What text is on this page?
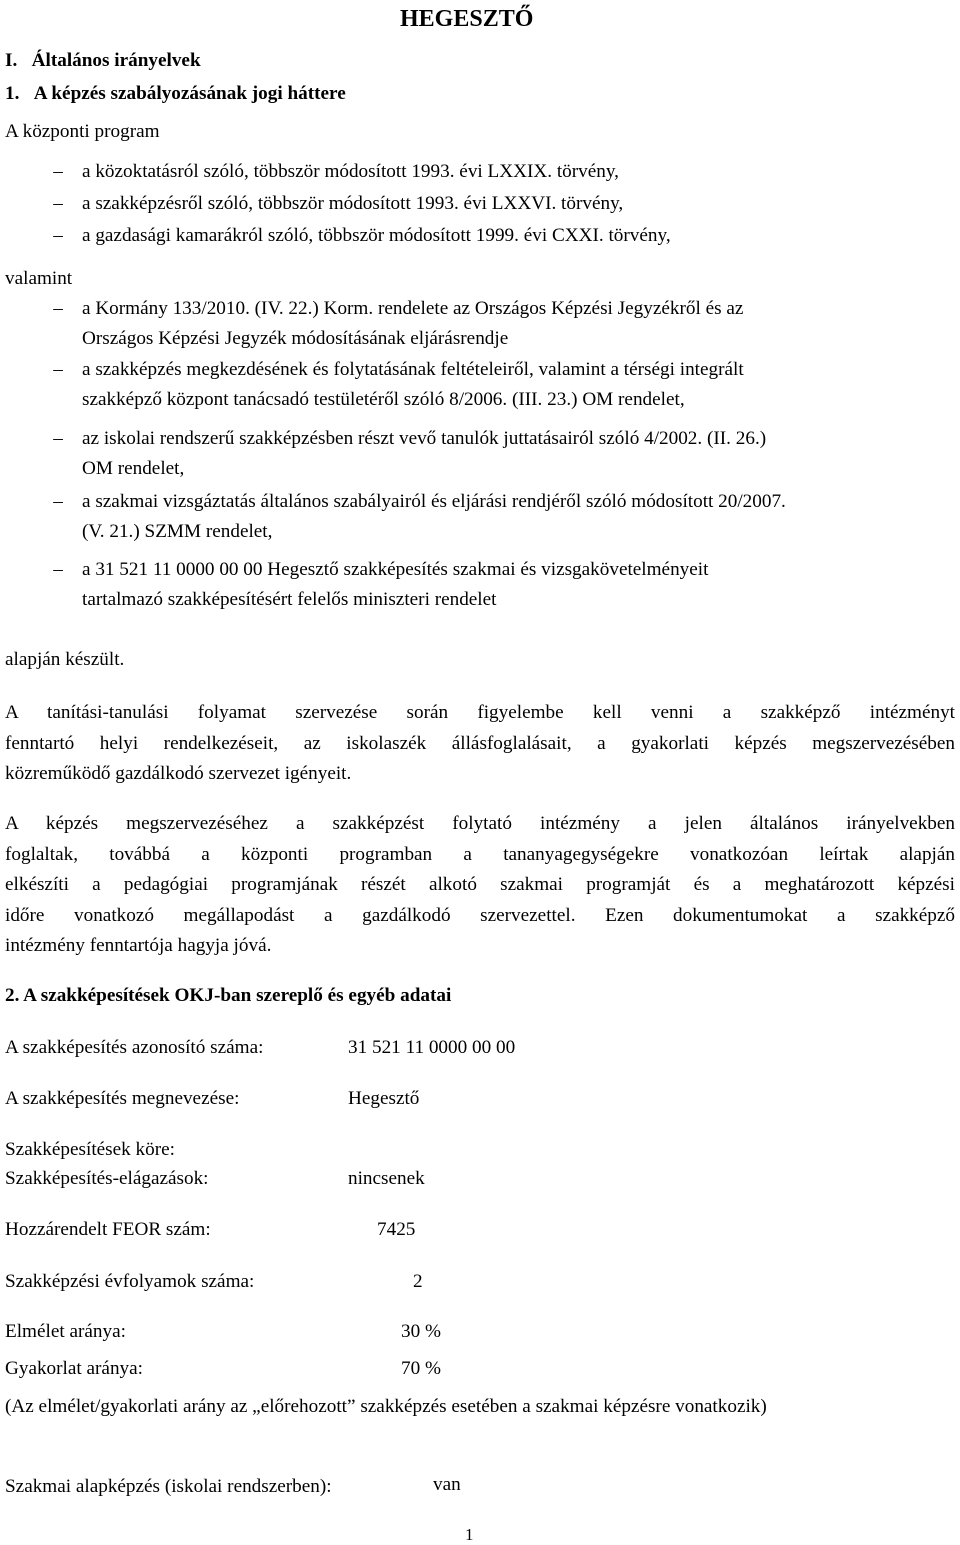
HEGESZTŐ
I.   Általános irányelvek
1.   A képzés szabályozásának jogi háttere
A központi program
– a közoktatásról szóló, többször módosított 1993. évi LXXIX. törvény,
– a szakképzésről szóló, többször módosított 1993. évi LXXVI. törvény,
– a gazdasági kamarákról szóló, többször módosított 1999. évi CXXI. törvény,
valamint
– a Kormány 133/2010. (IV. 22.) Korm. rendelete az Országos Képzési Jegyzékről és az
Országos Képzési Jegyzék módosításának eljárásrendje
– a szakképzés megkezdésének és folytatásának feltételeiről, valamint a térségi integrált
szakképző központ tanácsadó testületéről szóló 8/2006. (III. 23.) OM rendelet,
– az iskolai rendszerű szakképzésben részt vevő tanulók juttatásairól szóló 4/2002. (II. 26.)
OM rendelet,
– a szakmai vizsgáztatás általános szabályairól és eljárási rendjéről szóló módosított 20/2007.
(V. 21.) SZMM rendelet,
– a 31 521 11 0000 00 00 Hegesztő szakképesítés szakmai és vizsgakövetelményeit
tartalmazó szakképesítésért felelős miniszteri rendelet
alapján készült.
A tanítási-tanulási folyamat szervezése során figyelembe kell venni a szakképző intézményt
fenntartó helyi rendelkezéseit, az iskolaszék állásfoglalásait, a gyakorlati képzés megszervezésében
közreműködő gazdálkodó szervezet igényeit.
A képzés megszervezéséhez a szakképzést folytató intézmény a jelen általános irányelvekben
foglaltak, továbbá a központi programban a tananyagegységekre vonatkozóan leírtak alapján
elkészíti a pedagógiai programjának részét alkotó szakmai programját és a meghatározott képzési
időre vonatkozó megállapodást a gazdálkodó szervezettel. Ezen dokumentumokat a szakképző
intézmény fenntartója hagyja jóvá.
2. A szakképesítések OKJ-ban szereplő és egyéb adatai
A szakképesítés azonosító száma:	31 521 11 0000 00 00
A szakképesítés megnevezése:	Hegesztő
Szakképesítések köre:
Szakképesítés-elágazások:	nincsenek
Hozzárendelt FEOR szám:	7425
Szakképzési évfolyamok száma:	2
Elmélet aránya:	30 %
Gyakorlat aránya:	70 %
(Az elmélet/gyakorlati arány az „előrehozott” szakképzés esetében a szakmai képzésre vonatkozik)
Szakmai alapképzés (iskolai rendszerben):	van
1
